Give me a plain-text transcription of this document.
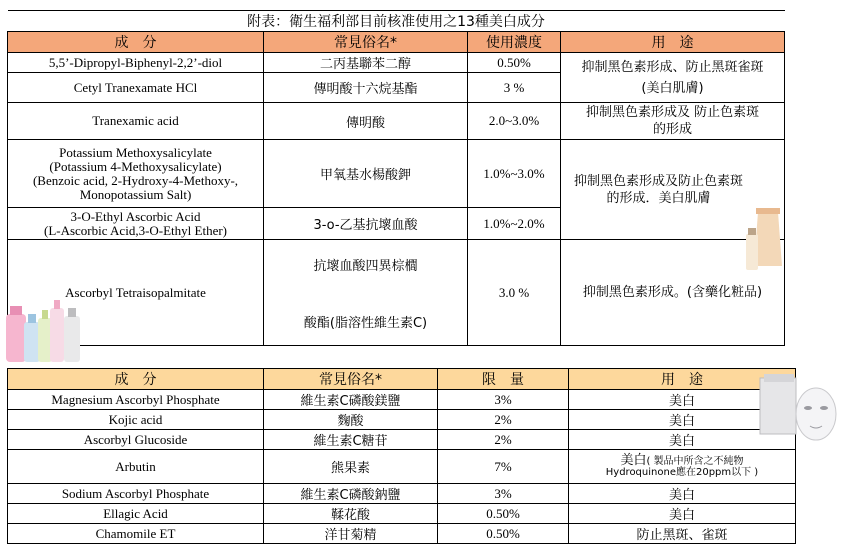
附表：衛生福利部目前核准使用之13種美白成分			
成　分	常見俗名*	使用濃度	用　途
5,5’-Dipropyl-Biphenyl-2,2’-diol	二丙基聯苯二醇	0.50%	抑制黑色素形成、防止黑斑雀斑
(美白肌膚)

Cetyl Tranexamate HCl	傳明酸十六烷基酯	3 %	
Tranexamic acid	傳明酸	2.0~3.0%	抑制黑色素形成及 防止色素斑
的形成

Potassium Methoxysalicylate
(Potassium 4-Methoxysalicylate)
(Benzoic acid, 2-Hydroxy-4-Methoxy-,
Monopotassium Salt)	甲氧基水楊酸鉀	1.0%~3.0%	抑制黑色素形成及防止色素斑
的形成．美白肌膚

3-O-Ethyl Ascorbic Acid
(L-Ascorbic Acid,3-O-Ethyl Ether)	3-o-乙基抗壞血酸	1.0%~2.0%	
Ascorbyl Tetraisopalmitate	抗壞血酸四異棕櫚
酸酯(脂溶性維生素C)	3.0 %	抑制黑色素形成。(含藥化粧品)
成　分	常見俗名*	限　量	用　途
Magnesium Ascorbyl Phosphate	維生素C磷酸鎂鹽	3%	美白
Kojic acid	麴酸	2%	美白
Ascorbyl Glucoside	維生素C糖苷	2%	美白
Arbutin	熊果素	7%	美白( 製品中所含之不純物
Hydroquinone應在20ppm以下 )

Sodium Ascorbyl Phosphate	維生素C磷酸鈉鹽	3%	美白
Ellagic Acid	鞣花酸	0.50%	美白
Chamomile ET	洋甘菊精	0.50%	防止黑斑、雀斑
